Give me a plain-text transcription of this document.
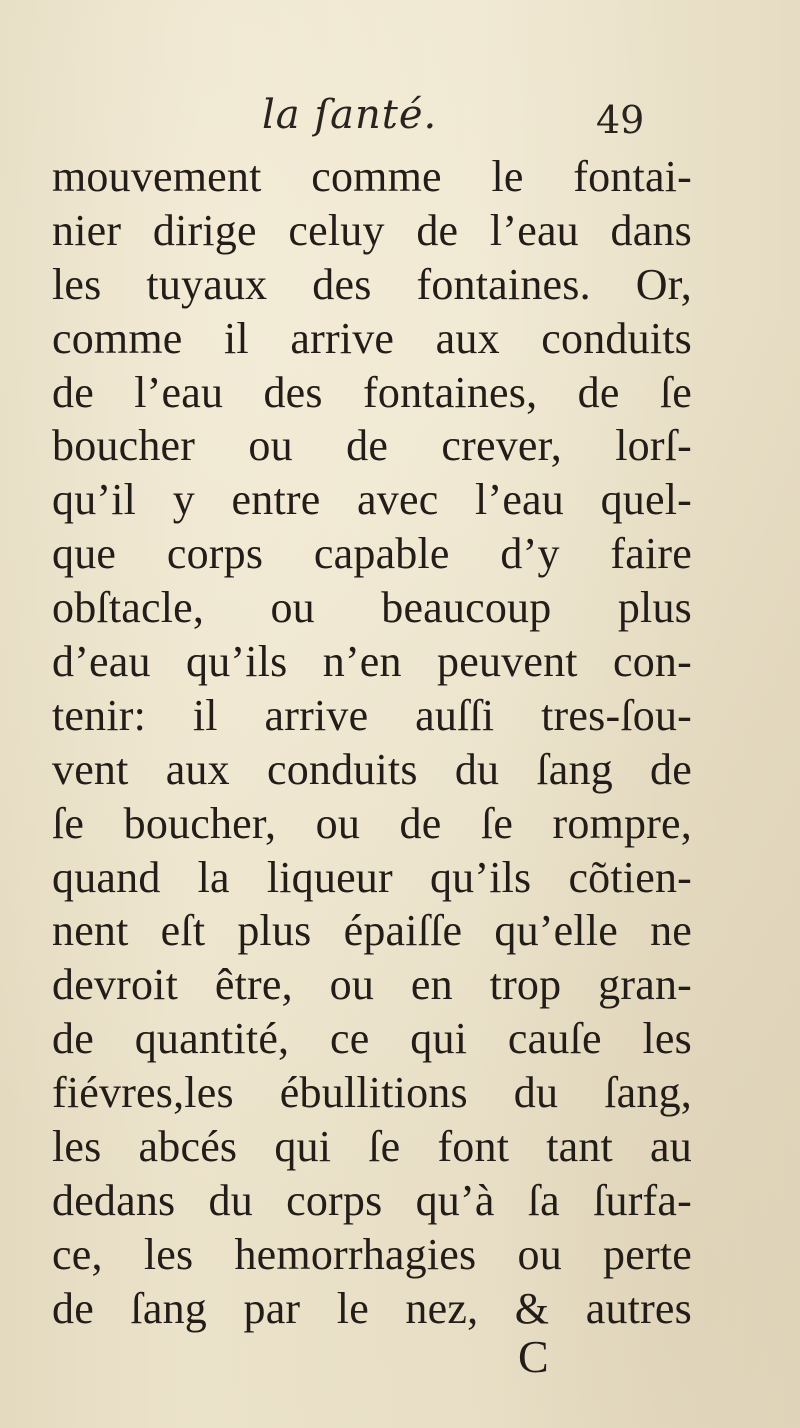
la ſanté.	49
mouvement comme le fontai-
nier dirige celuy de l’eau dans
les tuyaux des fontaines. Or,
comme il arrive aux conduits
de l’eau des fontaines, de ſe
boucher ou de crever, lorſ-
qu’il y entre avec l’eau quel-
que corps capable d’y faire
obſtacle, ou beaucoup plus
d’eau qu’ils n’en peuvent con-
tenir: il arrive auſſi tres-ſou-
vent aux conduits du ſang de
ſe boucher, ou de ſe rompre,
quand la liqueur qu’ils cõtien-
nent eſt plus épaiſſe qu’elle ne
devroit être, ou en trop gran-
de quantité, ce qui cauſe les
fiévres,les ébullitions du ſang,
les abcés qui ſe font tant au
dedans du corps qu’à ſa ſurfa-
ce, les hemorrhagies ou perte
de ſang par le nez, & autres
C
